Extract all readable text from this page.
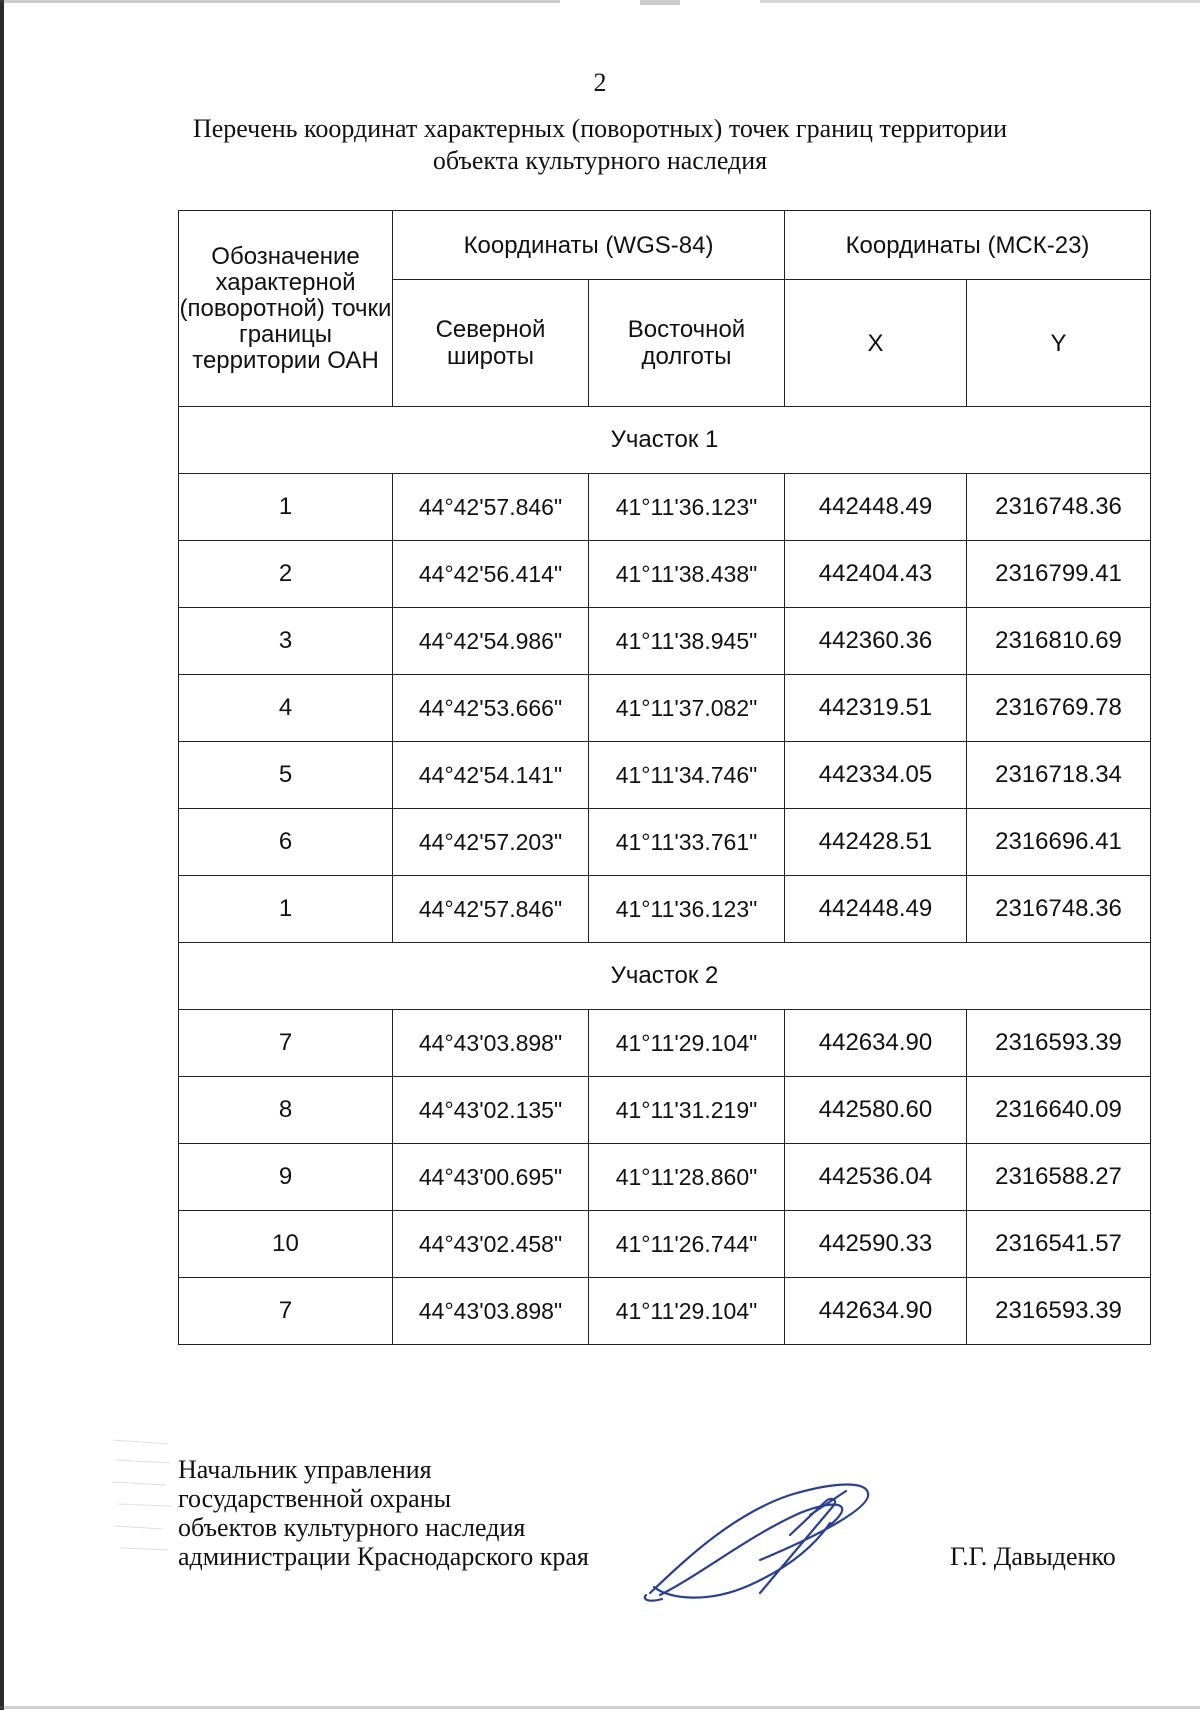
2
Перечень координат характерных (поворотных) точек границ территории
объекта культурного наследия
Обозначение характерной (поворотной) точки границы территории ОАН	Координаты (WGS-84)		Координаты (МСК-23)	
	Северной широты	Восточной долготы	X	Y
Участок 1				
1	44°42'57.846"	41°11'36.123"	442448.49	2316748.36
2	44°42'56.414"	41°11'38.438"	442404.43	2316799.41
3	44°42'54.986"	41°11'38.945"	442360.36	2316810.69
4	44°42'53.666"	41°11'37.082"	442319.51	2316769.78
5	44°42'54.141"	41°11'34.746"	442334.05	2316718.34
6	44°42'57.203"	41°11'33.761"	442428.51	2316696.41
1	44°42'57.846"	41°11'36.123"	442448.49	2316748.36
Участок 2				
7	44°43'03.898"	41°11'29.104"	442634.90	2316593.39
8	44°43'02.135"	41°11'31.219"	442580.60	2316640.09
9	44°43'00.695"	41°11'28.860"	442536.04	2316588.27
10	44°43'02.458"	41°11'26.744"	442590.33	2316541.57
7	44°43'03.898"	41°11'29.104"	442634.90	2316593.39
Начальник управления
государственной охраны
объектов культурного наследия
администрации Краснодарского края	Г.Г. Давыденко
